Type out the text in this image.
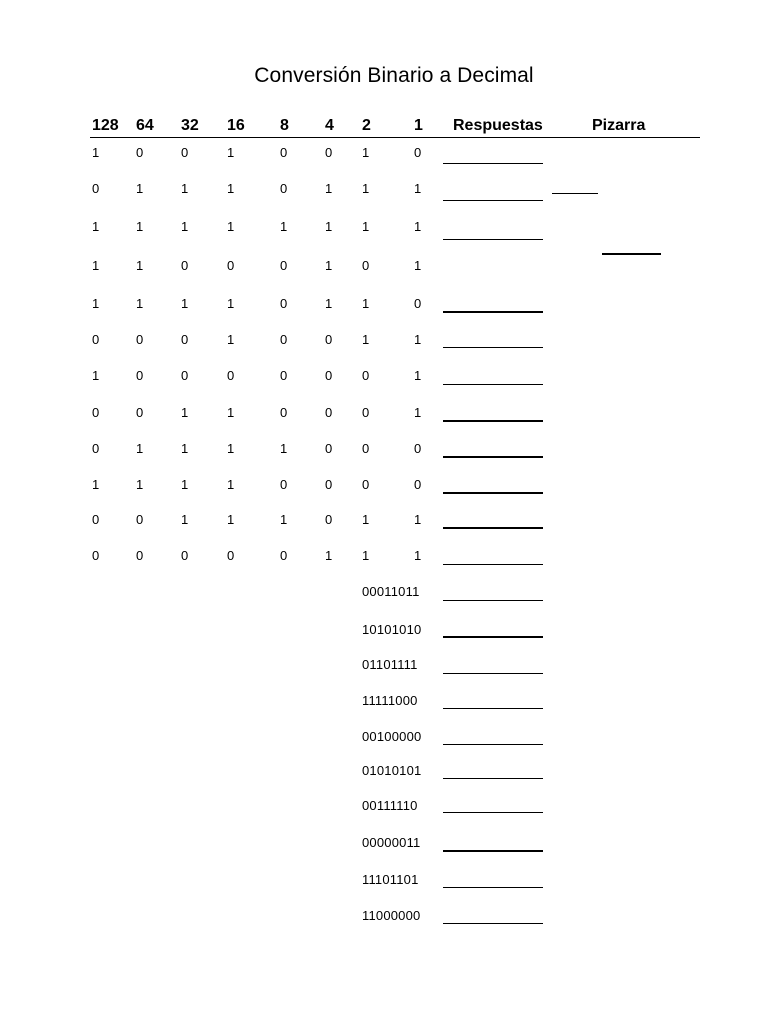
Conversión Binario a Decimal
128 64 32 16 8 4 2	1 Respuestas	Pizarra
1	0	0	1	0	0 1	0
0	1	1	1	0	1 1	1
1	1	1	1	1	1 1	1
1	1	0	0	0	1 0	1
1	1	1	1	0	1 1	0
0	0	0	1	0	0 1	1
1	0	0	0	0	0 0	1
0	0	1	1	0	0 0	1
0	1	1	1	1	0 0	0
1	1	1	1	0	0 0	0
0	0	1	1	1	0 1	1
0	0	0	0	0	1 1	1
00011011
10101010
01101111
11111000
00100000
01010101
00111110
00000011
11101101
11000000
